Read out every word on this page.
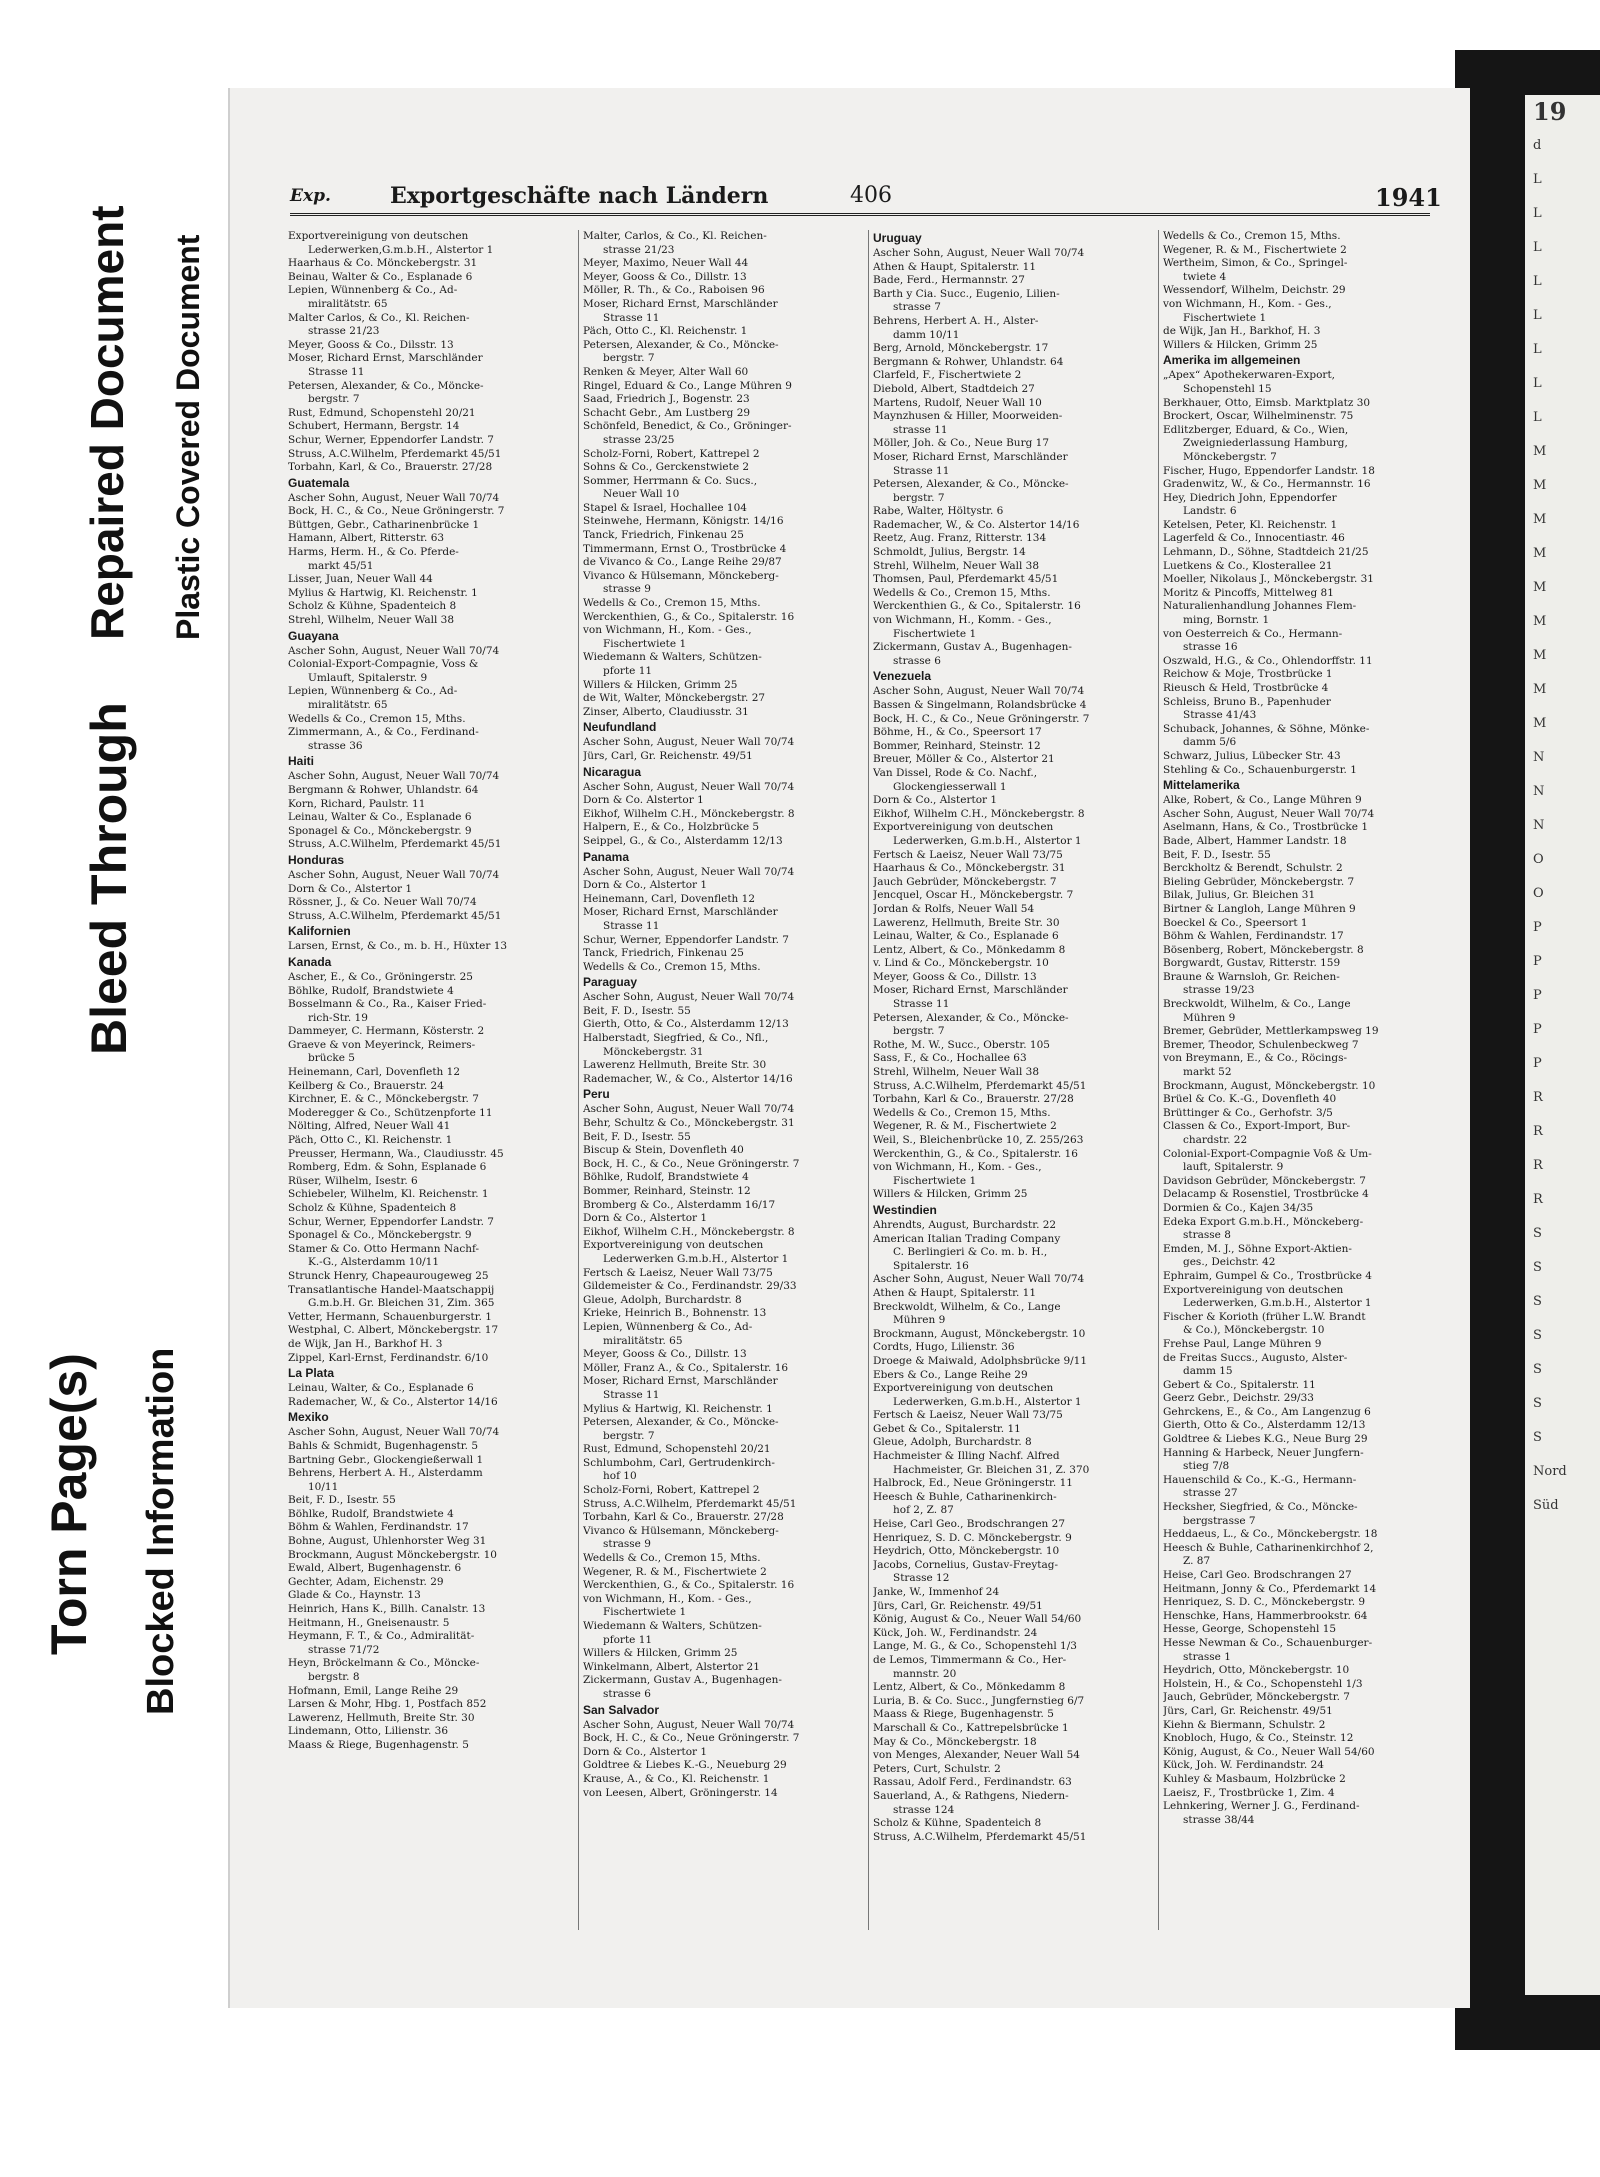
Torn Page(s) Blocked Information
Bleed Through
Repaired Document Plastic Covered Document
19
d
L
L
L
L
L
L
L
L
M
M
M
M
M
M
M
M
M
N
N
N
O
O
P
P
P
P
P
R
R
R
R
S
S
S
S
S
S
S
Nord
Süd
Exp.	Exportgeschäfte nach Ländern	406	1941
Exportvereinigung von deutschen
Lederwerken,G.m.b.H., Alstertor 1
Haarhaus & Co. Mönckebergstr. 31
Beinau, Walter & Co., Esplanade 6
Lepien, Wünnenberg & Co., Ad-
miralitätstr. 65
Malter Carlos, & Co., Kl. Reichen-
strasse 21/23
Meyer, Gooss & Co., Dilsstr. 13
Moser, Richard Ernst, Marschländer
Strasse 11
Petersen, Alexander, & Co., Möncke-
bergstr. 7
Rust, Edmund, Schopenstehl 20/21
Schubert, Hermann, Bergstr. 14
Schur, Werner, Eppendorfer Landstr. 7
Struss, A.C.Wilhelm, Pferdemarkt 45/51
Torbahn, Karl, & Co., Brauerstr. 27/28
Guatemala
Ascher Sohn, August, Neuer Wall 70/74
Bock, H. C., & Co., Neue Gröningerstr. 7
Büttgen, Gebr., Catharinenbrücke 1
Hamann, Albert, Ritterstr. 63
Harms, Herm. H., & Co. Pferde-
markt 45/51
Lisser, Juan, Neuer Wall 44
Mylius & Hartwig, Kl. Reichenstr. 1
Scholz & Kühne, Spadenteich 8
Strehl, Wilhelm, Neuer Wall 38
Guayana
Ascher Sohn, August, Neuer Wall 70/74
Colonial-Export-Compagnie, Voss &
Umlauft, Spitalerstr. 9
Lepien, Wünnenberg & Co., Ad-
miralitätstr. 65
Wedells & Co., Cremon 15, Mths.
Zimmermann, A., & Co., Ferdinand-
strasse 36
Haiti
Ascher Sohn, August, Neuer Wall 70/74
Bergmann & Rohwer, Uhlandstr. 64
Korn, Richard, Paulstr. 11
Leinau, Walter & Co., Esplanade 6
Sponagel & Co., Mönckebergstr. 9
Struss, A.C.Wilhelm, Pferdemarkt 45/51
Honduras
Ascher Sohn, August, Neuer Wall 70/74
Dorn & Co., Alstertor 1
Rössner, J., & Co. Neuer Wall 70/74
Struss, A.C.Wilhelm, Pferdemarkt 45/51
Kalifornien
Larsen, Ernst, & Co., m. b. H., Hüxter 13
Kanada
Ascher, E., & Co., Gröningerstr. 25
Böhlke, Rudolf, Brandstwiete 4
Bosselmann & Co., Ra., Kaiser Fried-
rich-Str. 19
Dammeyer, C. Hermann, Kösterstr. 2
Graeve & von Meyerinck, Reimers-
brücke 5
Heinemann, Carl, Dovenfleth 12
Keilberg & Co., Brauerstr. 24
Kirchner, E. & C., Mönckebergstr. 7
Moderegger & Co., Schützenpforte 11
Nölting, Alfred, Neuer Wall 41
Päch, Otto C., Kl. Reichenstr. 1
Preusser, Hermann, Wa., Claudiusstr. 45
Romberg, Edm. & Sohn, Esplanade 6
Rüser, Wilhelm, Isestr. 6
Schiebeler, Wilhelm, Kl. Reichenstr. 1
Scholz & Kühne, Spadenteich 8
Schur, Werner, Eppendorfer Landstr. 7
Sponagel & Co., Mönckebergstr. 9
Stamer & Co. Otto Hermann Nachf-
K.-G., Alsterdamm 10/11
Strunck Henry, Chapeaurougeweg 25
Transatlantische Handel-Maatschappij
G.m.b.H. Gr. Bleichen 31, Zim. 365
Vetter, Hermann, Schauenburgerstr. 1
Westphal, C. Albert, Mönckebergstr. 17
de Wijk, Jan H., Barkhof H. 3
Zippel, Karl-Ernst, Ferdinandstr. 6/10
La Plata
Leinau, Walter, & Co., Esplanade 6
Rademacher, W., & Co., Alstertor 14/16
Mexiko
Ascher Sohn, August, Neuer Wall 70/74
Bahls & Schmidt, Bugenhagenstr. 5
Bartning Gebr., Glockengießerwall 1
Behrens, Herbert A. H., Alsterdamm
10/11
Beit, F. D., Isestr. 55
Böhlke, Rudolf, Brandstwiete 4
Böhm & Wahlen, Ferdinandstr. 17
Bohne, August, Uhlenhorster Weg 31
Brockmann, August Mönckebergstr. 10
Ewald, Albert, Bugenhagenstr. 6
Gechter, Adam, Eichenstr. 29
Glade & Co., Haynstr. 13
Heinrich, Hans K., Billh. Canalstr. 13
Heitmann, H., Gneisenaustr. 5
Heymann, F. T., & Co., Admiralität-
strasse 71/72
Heyn, Bröckelmann & Co., Möncke-
bergstr. 8
Hofmann, Emil, Lange Reihe 29
Larsen & Mohr, Hbg. 1, Postfach 852
Lawerenz, Hellmuth, Breite Str. 30
Lindemann, Otto, Lilienstr. 36
Maass & Riege, Bugenhagenstr. 5
Malter, Carlos, & Co., Kl. Reichen-
strasse 21/23
Meyer, Maximo, Neuer Wall 44
Meyer, Gooss & Co., Dillstr. 13
Möller, R. Th., & Co., Raboisen 96
Moser, Richard Ernst, Marschländer
Strasse 11
Päch, Otto C., Kl. Reichenstr. 1
Petersen, Alexander, & Co., Möncke-
bergstr. 7
Renken & Meyer, Alter Wall 60
Ringel, Eduard & Co., Lange Mühren 9
Saad, Friedrich J., Bogenstr. 23
Schacht Gebr., Am Lustberg 29
Schönfeld, Benedict, & Co., Gröninger-
strasse 23/25
Scholz-Forni, Robert, Kattrepel 2
Sohns & Co., Gerckenstwiete 2
Sommer, Herrmann & Co. Sucs.,
Neuer Wall 10
Stapel & Israel, Hochallee 104
Steinwehe, Hermann, Königstr. 14/16
Tanck, Friedrich, Finkenau 25
Timmermann, Ernst O., Trostbrücke 4
de Vivanco & Co., Lange Reihe 29/87
Vivanco & Hülsemann, Mönckeberg-
strasse 9
Wedells & Co., Cremon 15, Mths.
Werckenthien, G., & Co., Spitalerstr. 16
von Wichmann, H., Kom. - Ges.,
Fischertwiete 1
Wiedemann & Walters, Schützen-
pforte 11
Willers & Hilcken, Grimm 25
de Wit, Walter, Mönckebergstr. 27
Zinser, Alberto, Claudiusstr. 31
Neufundland
Ascher Sohn, August, Neuer Wall 70/74
Jürs, Carl, Gr. Reichenstr. 49/51
Nicaragua
Ascher Sohn, August, Neuer Wall 70/74
Dorn & Co. Alstertor 1
Eikhof, Wilhelm C.H., Mönckebergstr. 8
Halpern, E., & Co., Holzbrücke 5
Seippel, G., & Co., Alsterdamm 12/13
Panama
Ascher Sohn, August, Neuer Wall 70/74
Dorn & Co., Alstertor 1
Heinemann, Carl, Dovenfleth 12
Moser, Richard Ernst, Marschländer
Strasse 11
Schur, Werner, Eppendorfer Landstr. 7
Tanck, Friedrich, Finkenau 25
Wedells & Co., Cremon 15, Mths.
Paraguay
Ascher Sohn, August, Neuer Wall 70/74
Beit, F. D., Isestr. 55
Gierth, Otto, & Co., Alsterdamm 12/13
Halberstadt, Siegfried, & Co., Nfl.,
Mönckebergstr. 31
Lawerenz Hellmuth, Breite Str. 30
Rademacher, W., & Co., Alstertor 14/16
Peru
Ascher Sohn, August, Neuer Wall 70/74
Behr, Schultz & Co., Mönckebergstr. 31
Beit, F. D., Isestr. 55
Biscup & Stein, Dovenfleth 40
Bock, H. C., & Co., Neue Gröningerstr. 7
Böhlke, Rudolf, Brandstwiete 4
Bommer, Reinhard, Steinstr. 12
Bromberg & Co., Alsterdamm 16/17
Dorn & Co., Alstertor 1
Eikhof, Wilhelm C.H., Mönckebergstr. 8
Exportvereinigung von deutschen
Lederwerken G.m.b.H., Alstertor 1
Fertsch & Laeisz, Neuer Wall 73/75
Gildemeister & Co., Ferdinandstr. 29/33
Gleue, Adolph, Burchardstr. 8
Krieke, Heinrich B., Bohnenstr. 13
Lepien, Wünnenberg & Co., Ad-
miralitätstr. 65
Meyer, Gooss & Co., Dillstr. 13
Möller, Franz A., & Co., Spitalerstr. 16
Moser, Richard Ernst, Marschländer
Strasse 11
Mylius & Hartwig, Kl. Reichenstr. 1
Petersen, Alexander, & Co., Möncke-
bergstr. 7
Rust, Edmund, Schopenstehl 20/21
Schlumbohm, Carl, Gertrudenkirch-
hof 10
Scholz-Forni, Robert, Kattrepel 2
Struss, A.C.Wilhelm, Pferdemarkt 45/51
Torbahn, Karl & Co., Brauerstr. 27/28
Vivanco & Hülsemann, Mönckeberg-
strasse 9
Wedells & Co., Cremon 15, Mths.
Wegener, R. & M., Fischertwiete 2
Werckenthien, G., & Co., Spitalerstr. 16
von Wichmann, H., Kom. - Ges.,
Fischertwiete 1
Wiedemann & Walters, Schützen-
pforte 11
Willers & Hilcken, Grimm 25
Winkelmann, Albert, Alstertor 21
Zickermann, Gustav A., Bugenhagen-
strasse 6
San Salvador
Ascher Sohn, August, Neuer Wall 70/74
Bock, H. C., & Co., Neue Gröningerstr. 7
Dorn & Co., Alstertor 1
Goldtree & Liebes K.-G., Neueburg 29
Krause, A., & Co., Kl. Reichenstr. 1
von Leesen, Albert, Gröningerstr. 14
Uruguay
Ascher Sohn, August, Neuer Wall 70/74
Athen & Haupt, Spitalerstr. 11
Bade, Ferd., Hermannstr. 27
Barth y Cia. Succ., Eugenio, Lilien-
strasse 7
Behrens, Herbert A. H., Alster-
damm 10/11
Berg, Arnold, Mönckebergstr. 17
Bergmann & Rohwer, Uhlandstr. 64
Clarfeld, F., Fischertwiete 2
Diebold, Albert, Stadtdeich 27
Martens, Rudolf, Neuer Wall 10
Maynzhusen & Hiller, Moorweiden-
strasse 11
Möller, Joh. & Co., Neue Burg 17
Moser, Richard Ernst, Marschländer
Strasse 11
Petersen, Alexander, & Co., Möncke-
bergstr. 7
Rabe, Walter, Höltystr. 6
Rademacher, W., & Co. Alstertor 14/16
Reetz, Aug. Franz, Ritterstr. 134
Schmoldt, Julius, Bergstr. 14
Strehl, Wilhelm, Neuer Wall 38
Thomsen, Paul, Pferdemarkt 45/51
Wedells & Co., Cremon 15, Mths.
Werckenthien G., & Co., Spitalerstr. 16
von Wichmann, H., Komm. - Ges.,
Fischertwiete 1
Zickermann, Gustav A., Bugenhagen-
strasse 6
Venezuela
Ascher Sohn, August, Neuer Wall 70/74
Bassen & Singelmann, Rolandsbrücke 4
Bock, H. C., & Co., Neue Gröningerstr. 7
Böhme, H., & Co., Speersort 17
Bommer, Reinhard, Steinstr. 12
Breuer, Möller & Co., Alstertor 21
Van Dissel, Rode & Co. Nachf.,
Glockengiesserwall 1
Dorn & Co., Alstertor 1
Eikhof, Wilhelm C.H., Mönckebergstr. 8
Exportvereinigung von deutschen
Lederwerken, G.m.b.H., Alstertor 1
Fertsch & Laeisz, Neuer Wall 73/75
Haarhaus & Co., Mönckebergstr. 31
Jauch Gebrüder, Mönckebergstr. 7
Jencquel, Oscar H., Mönckebergstr. 7
Jordan & Rolfs, Neuer Wall 54
Lawerenz, Hellmuth, Breite Str. 30
Leinau, Walter, & Co., Esplanade 6
Lentz, Albert, & Co., Mönkedamm 8
v. Lind & Co., Mönckebergstr. 10
Meyer, Gooss & Co., Dillstr. 13
Moser, Richard Ernst, Marschländer
Strasse 11
Petersen, Alexander, & Co., Möncke-
bergstr. 7
Rothe, M. W., Succ., Oberstr. 105
Sass, F., & Co., Hochallee 63
Strehl, Wilhelm, Neuer Wall 38
Struss, A.C.Wilhelm, Pferdemarkt 45/51
Torbahn, Karl & Co., Brauerstr. 27/28
Wedells & Co., Cremon 15, Mths.
Wegener, R. & M., Fischertwiete 2
Weil, S., Bleichenbrücke 10, Z. 255/263
Werckenthin, G., & Co., Spitalerstr. 16
von Wichmann, H., Kom. - Ges.,
Fischertwiete 1
Willers & Hilcken, Grimm 25
Westindien
Ahrendts, August, Burchardstr. 22
American Italian Trading Company
C. Berlingieri & Co. m. b. H.,
Spitalerstr. 16
Ascher Sohn, August, Neuer Wall 70/74
Athen & Haupt, Spitalerstr. 11
Breckwoldt, Wilhelm, & Co., Lange
Mühren 9
Brockmann, August, Mönckebergstr. 10
Cordts, Hugo, Lilienstr. 36
Droege & Maiwald, Adolphsbrücke 9/11
Ebers & Co., Lange Reihe 29
Exportvereinigung von deutschen
Lederwerken, G.m.b.H., Alstertor 1
Fertsch & Laeisz, Neuer Wall 73/75
Gebet & Co., Spitalerstr. 11
Gleue, Adolph, Burchardstr. 8
Hachmeister & Illing Nachf. Alfred
Hachmeister, Gr. Bleichen 31, Z. 370
Halbrock, Ed., Neue Gröningerstr. 11
Heesch & Buhle, Catharinenkirch-
hof 2, Z. 87
Heise, Carl Geo., Brodschrangen 27
Henriquez, S. D. C. Mönckebergstr. 9
Heydrich, Otto, Mönckebergstr. 10
Jacobs, Cornelius, Gustav-Freytag-
Strasse 12
Janke, W., Immenhof 24
Jürs, Carl, Gr. Reichenstr. 49/51
König, August & Co., Neuer Wall 54/60
Kück, Joh. W., Ferdinandstr. 24
Lange, M. G., & Co., Schopenstehl 1/3
de Lemos, Timmermann & Co., Her-
mannstr. 20
Lentz, Albert, & Co., Mönkedamm 8
Luria, B. & Co. Succ., Jungfernstieg 6/7
Maass & Riege, Bugenhagenstr. 5
Marschall & Co., Kattrepelsbrücke 1
May & Co., Mönckebergstr. 18
von Menges, Alexander, Neuer Wall 54
Peters, Curt, Schulstr. 2
Rassau, Adolf Ferd., Ferdinandstr. 63
Sauerland, A., & Rathgens, Niedern-
strasse 124
Scholz & Kühne, Spadenteich 8
Struss, A.C.Wilhelm, Pferdemarkt 45/51
Wedells & Co., Cremon 15, Mths.
Wegener, R. & M., Fischertwiete 2
Wertheim, Simon, & Co., Springel-
twiete 4
Wessendorf, Wilhelm, Deichstr. 29
von Wichmann, H., Kom. - Ges.,
Fischertwiete 1
de Wijk, Jan H., Barkhof, H. 3
Willers & Hilcken, Grimm 25
Amerika im allgemeinen
„Apex“ Apothekerwaren-Export,
Schopenstehl 15
Berkhauer, Otto, Eimsb. Marktplatz 30
Brockert, Oscar, Wilhelminenstr. 75
Edlitzberger, Eduard, & Co., Wien,
Zweigniederlassung Hamburg,
Mönckebergstr. 7
Fischer, Hugo, Eppendorfer Landstr. 18
Gradenwitz, W., & Co., Hermannstr. 16
Hey, Diedrich John, Eppendorfer
Landstr. 6
Ketelsen, Peter, Kl. Reichenstr. 1
Lagerfeld & Co., Innocentiastr. 46
Lehmann, D., Söhne, Stadtdeich 21/25
Luetkens & Co., Klosterallee 21
Moeller, Nikolaus J., Mönckebergstr. 31
Moritz & Pincoffs, Mittelweg 81
Naturalienhandlung Johannes Flem-
ming, Bornstr. 1
von Oesterreich & Co., Hermann-
strasse 16
Oszwald, H.G., & Co., Ohlendorffstr. 11
Reichow & Moje, Trostbrücke 1
Rieusch & Held, Trostbrücke 4
Schleiss, Bruno B., Papenhuder
Strasse 41/43
Schuback, Johannes, & Söhne, Mönke-
damm 5/6
Schwarz, Julius, Lübecker Str. 43
Stehling & Co., Schauenburgerstr. 1
Mittelamerika
Alke, Robert, & Co., Lange Mühren 9
Ascher Sohn, August, Neuer Wall 70/74
Aselmann, Hans, & Co., Trostbrücke 1
Bade, Albert, Hammer Landstr. 18
Beit, F. D., Isestr. 55
Berckholtz & Berendt, Schulstr. 2
Bieling Gebrüder, Mönckebergstr. 7
Bilak, Julius, Gr. Bleichen 31
Birtner & Langloh, Lange Mühren 9
Boeckel & Co., Speersort 1
Böhm & Wahlen, Ferdinandstr. 17
Bösenberg, Robert, Mönckebergstr. 8
Borgwardt, Gustav, Ritterstr. 159
Braune & Warnsloh, Gr. Reichen-
strasse 19/23
Breckwoldt, Wilhelm, & Co., Lange
Mühren 9
Bremer, Gebrüder, Mettlerkampsweg 19
Bremer, Theodor, Schulenbeckweg 7
von Breymann, E., & Co., Röcings-
markt 52
Brockmann, August, Mönckebergstr. 10
Brüel & Co. K.-G., Dovenfleth 40
Brüttinger & Co., Gerhofstr. 3/5
Classen & Co., Export-Import, Bur-
chardstr. 22
Colonial-Export-Compagnie Voß & Um-
lauft, Spitalerstr. 9
Davidson Gebrüder, Mönckebergstr. 7
Delacamp & Rosenstiel, Trostbrücke 4
Dormien & Co., Kajen 34/35
Edeka Export G.m.b.H., Mönckeberg-
strasse 8
Emden, M. J., Söhne Export-Aktien-
ges., Deichstr. 42
Ephraim, Gumpel & Co., Trostbrücke 4
Exportvereinigung von deutschen
Lederwerken, G.m.b.H., Alstertor 1
Fischer & Korioth (früher L.W. Brandt
& Co.), Mönckebergstr. 10
Frehse Paul, Lange Mühren 9
de Freitas Succs., Augusto, Alster-
damm 15
Gebert & Co., Spitalerstr. 11
Geerz Gebr., Deichstr. 29/33
Gehrckens, E., & Co., Am Langenzug 6
Gierth, Otto & Co., Alsterdamm 12/13
Goldtree & Liebes K.G., Neue Burg 29
Hanning & Harbeck, Neuer Jungfern-
stieg 7/8
Hauenschild & Co., K.-G., Hermann-
strasse 27
Hecksher, Siegfried, & Co., Möncke-
bergstrasse 7
Heddaeus, L., & Co., Mönckebergstr. 18
Heesch & Buhle, Catharinenkirchhof 2,
Z. 87
Heise, Carl Geo. Brodschrangen 27
Heitmann, Jonny & Co., Pferdemarkt 14
Henriquez, S. D. C., Mönckebergstr. 9
Henschke, Hans, Hammerbrookstr. 64
Hesse, George, Schopenstehl 15
Hesse Newman & Co., Schauenburger-
strasse 1
Heydrich, Otto, Mönckebergstr. 10
Holstein, H., & Co., Schopenstehl 1/3
Jauch, Gebrüder, Mönckebergstr. 7
Jürs, Carl, Gr. Reichenstr. 49/51
Kiehn & Biermann, Schulstr. 2
Knobloch, Hugo, & Co., Steinstr. 12
König, August, & Co., Neuer Wall 54/60
Kück, Joh. W. Ferdinandstr. 24
Kuhley & Masbaum, Holzbrücke 2
Laeisz, F., Trostbrücke 1, Zim. 4
Lehnkering, Werner J. G., Ferdinand-
strasse 38/44
